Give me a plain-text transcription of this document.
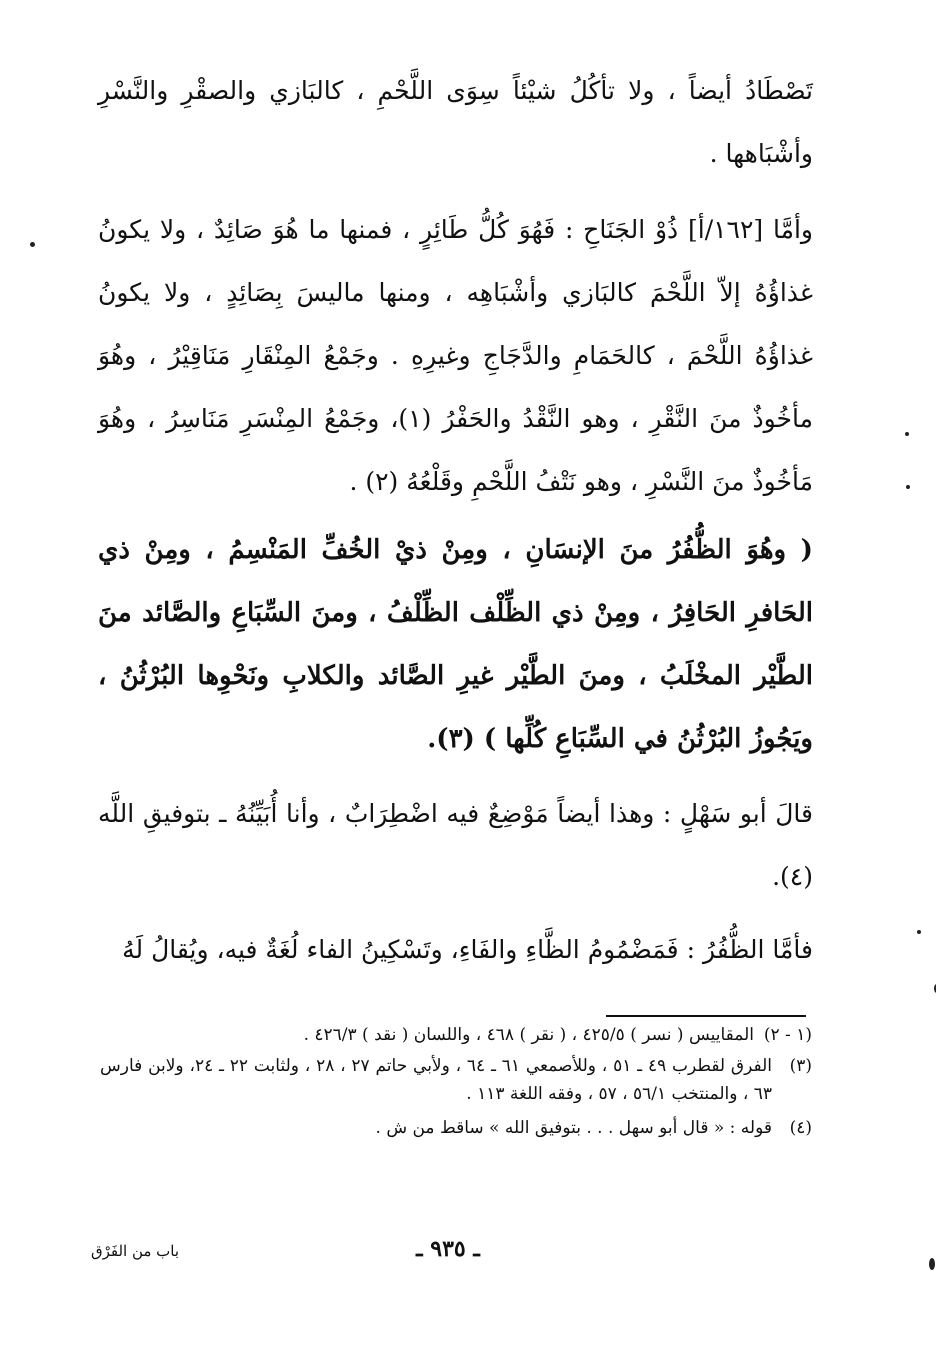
تَصْطَادُ أيضاً ، ولا تأكُلُ شيْئاً سِوَى اللَّحْمِ ، كالبَازي والصقْرِ والنَّسْرِ وأشْبَاهها .
وأمَّا [١٦٢/أ] ذُوْ الجَنَاحِ : فَهُوَ كُلُّ طَائِرٍ ، فمنها ما هُوَ صَائِدٌ ، ولا يكونُ غذاؤُهُ إلاّ اللَّحْمَ كالبَازي وأشْبَاهِه ، ومنها ماليسَ بِصَائِدٍ ، ولا يكونُ غذاؤُهُ اللَّحْمَ ، كالحَمَامِ والدَّجَاجِ وغيرِهِ . وجَمْعُ المِنْقَارِ مَنَاقِيْرُ ، وهُوَ مأخُوذٌ منَ النَّقْرِ ، وهو النَّقْدُ والحَفْرُ (١)، وجَمْعُ المِنْسَرِ مَنَاسِرُ ، وهُوَ مَأخُوذٌ منَ النَّسْرِ ، وهو نَتْفُ اللَّحْمِ وقَلْعُهُ (٢) .
( وهُوَ الظُّفُرُ منَ الإنسَانِ ، ومِنْ ذيْ الخُفِّ المَنْسِمُ ، ومِنْ ذي الحَافرِ الحَافِرُ ، ومِنْ ذي الظِّلْف الظِّلْفُ ، ومنَ السِّبَاعِ والصَّائد منَ الطَّيْر المخْلَبُ ، ومنَ الطَّيْر غيرِ الصَّائد والكلابِ ونَحْوِها البُرْثُنُ ، ويَجُوزُ البُرْثُنُ في السِّبَاعِ كُلِّها ) (٣).
قالَ أبو سَهْلٍ : وهذا أيضاً مَوْضِعٌ فيه اضْطِرَابٌ ، وأنا أُبَيِّنُهُ ـ بتوفيقِ اللَّه (٤).
فأمَّا الظُّفُرُ : فَمَضْمُومُ الظَّاءِ والفَاءِ، وتَسْكِينُ الفاء لُغَةٌ فيه، ويُقالُ لَهُ
(١ - ٢)
المقاييس ( نسر ) ٤٢٥/٥ ، ( نقر ) ٤٦٨ ، واللسان ( نقد ) ٤٢٦/٣ .
(٣)
الفرق لقطرب ٤٩ ـ ٥١ ، وللأصمعي ٦١ ـ ٦٤ ، ولأبي حاتم ٢٧ ، ٢٨ ، ولثابت ٢٢ ـ ٢٤، ولابن فارس ٦٣ ، والمنتخب ٥٦/١ ، ٥٧ ، وفقه اللغة ١١٣ .
(٤)
قوله : « قال أبو سهل . . . بتوفيق الله » ساقط من ش .
ـ ٩٣٥ ـ
باب من الفَرْق
